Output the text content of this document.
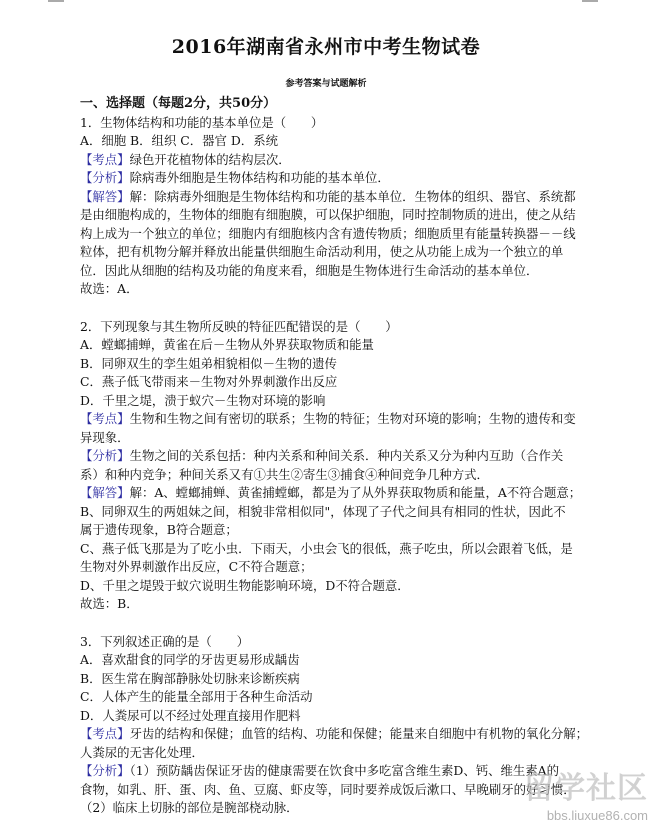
2016年湖南省永州市中考生物试卷
参考答案与试题解析
一、选择题（每题2分，共50分）
1．生物体结构和功能的基本单位是（　　）
A．细胞 B．组织 C．器官 D．系统
【考点】绿色开花植物体的结构层次．
【分析】除病毒外细胞是生物体结构和功能的基本单位．
【解答】解：除病毒外细胞是生物体结构和功能的基本单位．生物体的组织、器官、系统都
是由细胞构成的，生物体的细胞有细胞膜，可以保护细胞，同时控制物质的进出，使之从结
构上成为一个独立的单位；细胞内有细胞核内含有遗传物质；细胞质里有能量转换器－－线
粒体，把有机物分解并释放出能量供细胞生命活动利用，使之从功能上成为一个独立的单
位．因此从细胞的结构及功能的角度来看，细胞是生物体进行生命活动的基本单位．
故选：A．
2．下列现象与其生物所反映的特征匹配错误的是（　　）
A．螳螂捕蝉，黄雀在后－生物从外界获取物质和能量
B．同卵双生的孪生姐弟相貌相似－生物的遗传
C．燕子低飞带雨来－生物对外界刺激作出反应
D．千里之堤，溃于蚁穴－生物对环境的影响
【考点】生物和生物之间有密切的联系；生物的特征；生物对环境的影响；生物的遗传和变
异现象．
【分析】生物之间的关系包括：种内关系和种间关系．种内关系又分为种内互助（合作关
系）和种内竞争；种间关系又有①共生②寄生③捕食④种间竞争几种方式．
【解答】解：A、螳螂捕蝉、黄雀捕螳螂，都是为了从外界获取物质和能量，A不符合题意；
B、同卵双生的两姐妹之间，相貌非常相似同"，体现了子代之间具有相同的性状，因此不
属于遗传现象，B符合题意；
C、燕子低飞那是为了吃小虫．下雨天，小虫会飞的很低，燕子吃虫，所以会跟着飞低，是
生物对外界刺激作出反应，C不符合题意；
D、千里之堤毁于蚁穴说明生物能影响环境，D不符合题意．
故选：B．
3．下列叙述正确的是（　　）
A．喜欢甜食的同学的牙齿更易形成龋齿
B．医生常在胸部静脉处切脉来诊断疾病
C．人体产生的能量全部用于各种生命活动
D．人粪尿可以不经过处理直接用作肥料
【考点】牙齿的结构和保健；血管的结构、功能和保健；能量来自细胞中有机物的氧化分解；
人粪尿的无害化处理．
【分析】（1）预防龋齿保证牙齿的健康需要在饮食中多吃富含维生素D、钙、维生素A的
食物，如乳、肝、蛋、肉、鱼、豆腐、虾皮等，同时要养成饭后漱口、早晚刷牙的好习惯．
（2）临床上切脉的部位是腕部桡动脉．
留学社区
bbs.liuxue86.com
